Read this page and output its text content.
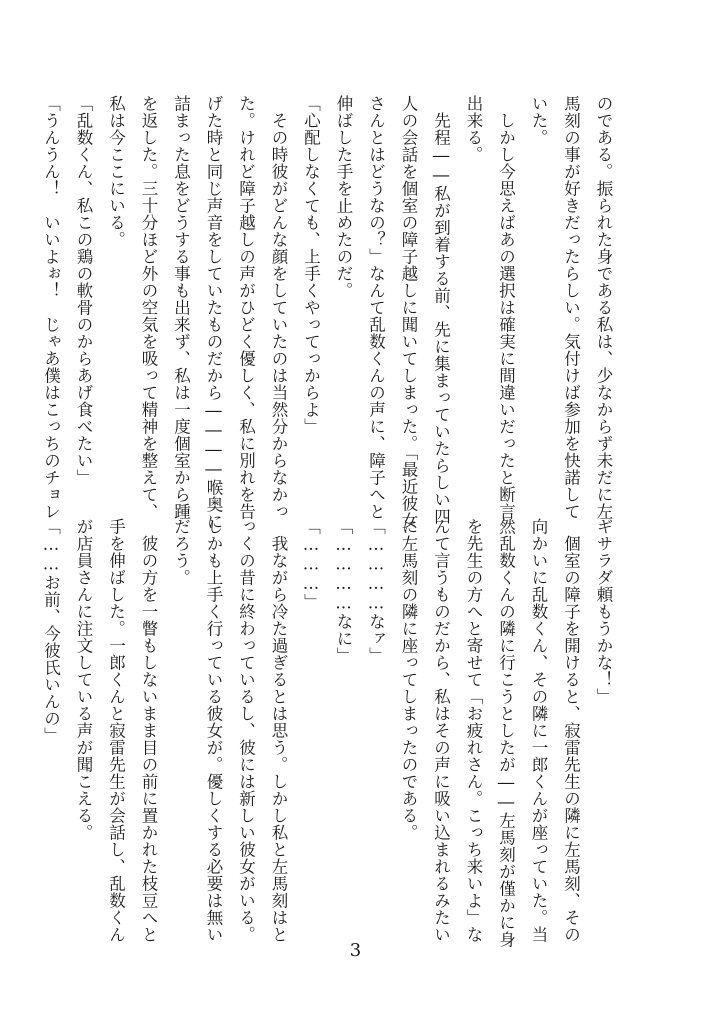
のである。振られた身である私は、少なからず未だに左
馬刻の事が好きだったらしい。気付けば参加を快諾して
いた。
　しかし今思えばあの選択は確実に間違いだったと断言
出来る。
　先程――私が到着する前、先に集まっていたらしい四
人の会話を個室の障子越しに聞いてしまった。「最近彼女
さんとはどうなの？」なんて乱数くんの声に、障子へと
伸ばした手を止めたのだ。
「心配しなくても、上手くやってっからよ」
　その時彼がどんな顔をしていたのは当然分からなかっ
た。けれど障子越しの声がひどく優しく、私に別れを告
げた時と同じ声音をしていたものだから――――喉奥に
詰まった息をどうする事も出来ず、私は一度個室から踵
を返した。三十分ほど外の空気を吸って精神を整えて、
私は今ここにいる。
「乱数くん、私この鶏の軟骨のからあげ食べたい」
「うんうん！　いいよぉ！　じゃあ僕はこっちのチョレ
ギサラダ頼もうかな！」
　個室の障子を開けると、寂雷先生の隣に左馬刻、その
向かいに乱数くん、その隣に一郎くんが座っていた。当
然乱数くんの隣に行こうとしたが――左馬刻が僅かに身
を先生の方へと寄せて「お疲れさん。こっち来いよ」な
んて言うものだから、私はその声に吸い込まれるみたい
に左馬刻の隣に座ってしまったのである。
「…………なァ」
「…………なに」
「………」
　我ながら冷た過ぎるとは思う。しかし私と左馬刻はと
っくの昔に終わっているし、彼には新しい彼女がいる。
しかも上手く行っている彼女が。優しくする必要は無い
だろう。
　彼の方を一瞥もしないまま目の前に置かれた枝豆へと
手を伸ばした。一郎くんと寂雷先生が会話し、乱数くん
が店員さんに注文している声が聞こえる。
「……お前、今彼氏いんの」
3
